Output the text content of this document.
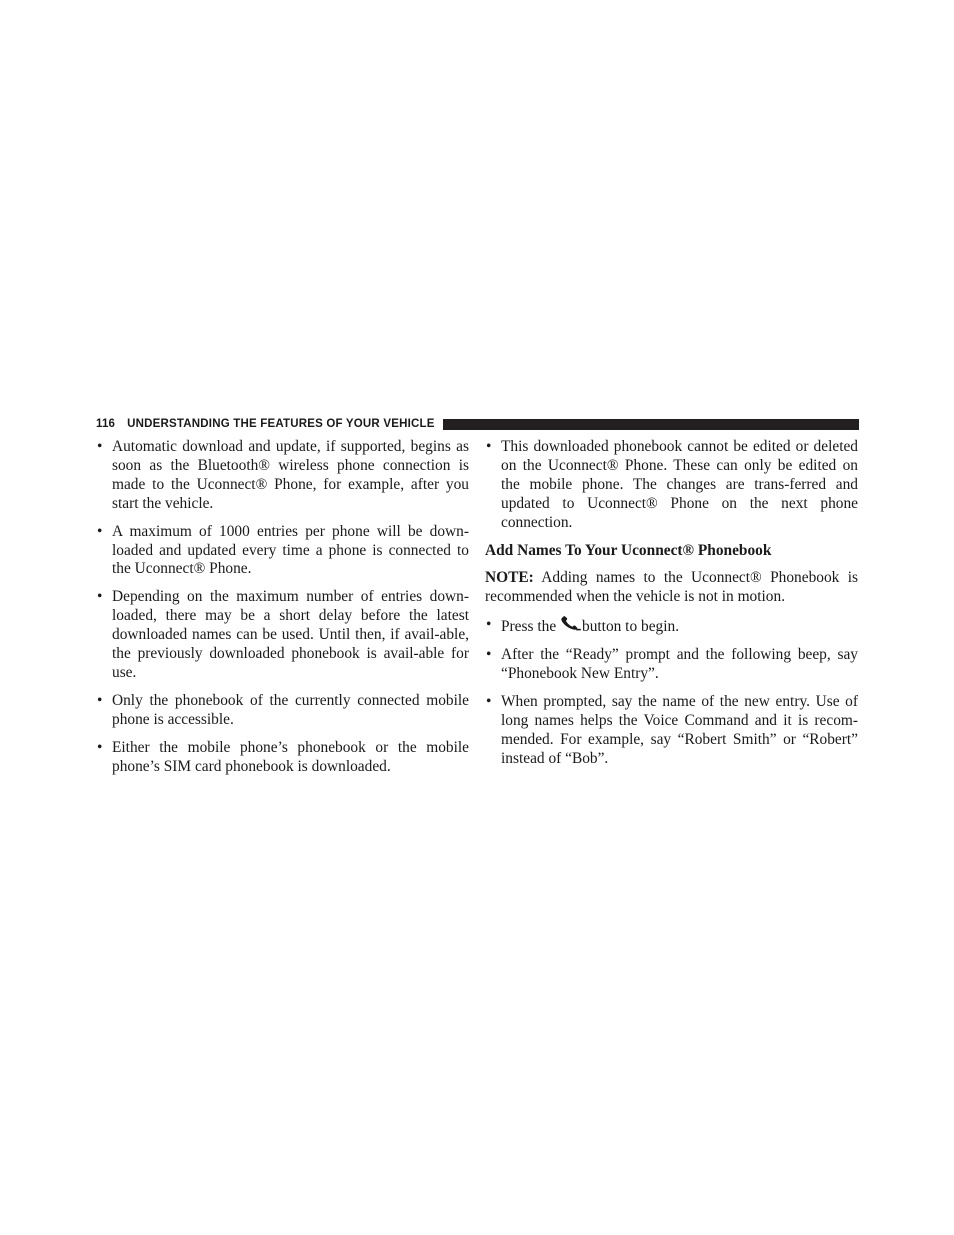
116 UNDERSTANDING THE FEATURES OF YOUR VEHICLE
• Automatic download and update, if supported, begins as soon as the Bluetooth® wireless phone connection is made to the Uconnect® Phone, for example, after you start the vehicle.
• A maximum of 1000 entries per phone will be down-loaded and updated every time a phone is connected to the Uconnect® Phone.
• Depending on the maximum number of entries down-loaded, there may be a short delay before the latest downloaded names can be used. Until then, if avail-able, the previously downloaded phonebook is avail-able for use.
• Only the phonebook of the currently connected mobile phone is accessible.
• Either the mobile phone’s phonebook or the mobile phone’s SIM card phonebook is downloaded.
• This downloaded phonebook cannot be edited or deleted on the Uconnect® Phone. These can only be edited on the mobile phone. The changes are trans-ferred and updated to Uconnect® Phone on the next phone connection.
Add Names To Your Uconnect® Phonebook
NOTE: Adding names to the Uconnect® Phonebook is recommended when the vehicle is not in motion.
• Press the button to begin.
• After the “Ready” prompt and the following beep, say “Phonebook New Entry”.
• When prompted, say the name of the new entry. Use of long names helps the Voice Command and it is recom-mended. For example, say “Robert Smith” or “Robert” instead of “Bob”.
